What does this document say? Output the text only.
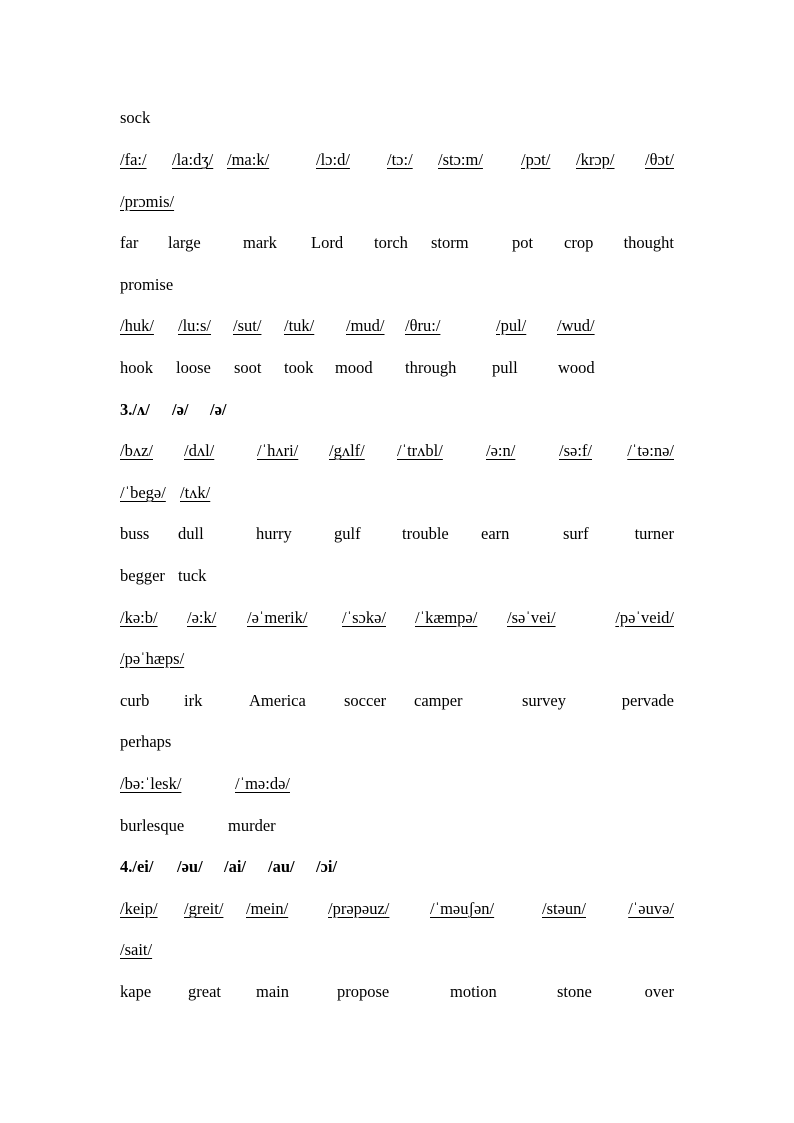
sock
/fa:/ /la:dʒ/ /ma:k/	/lɔ:d/ /tɔ:/ /stɔ:m/ /pɔt/ /krɔp/ /θɔt/
/prɔmis/
far large	mark Lord torch storm	pot crop thought
promise
/huk/ /lu:s/ /sut/ /tuk/ /mud/ /θru:/	/pul/ /wud/
hook loose soot took mood through pull wood
3./ʌ/ /ə/ /ə/
/bʌz/ /dʌl/	/ˈhʌri/ /gʌlf/ /ˈtrʌbl/	/ə:n/	/sə:f/ /ˈtə:nə/
/ˈbegə/ /tʌk/
buss dull	hurry	gulf	trouble earn	surf	turner
begger tuck
/kə:b/ /ə:k/ /əˈmerik/ /ˈsɔkə/ /ˈkæmpə/ /səˈvei/	/pəˈveid/
/pəˈhæps/
curb irk	America soccer camper	survey	pervade
perhaps
/bə:ˈlesk/	/ˈmə:də/
burlesque	murder
4./ei/ /əu/ /ai/ /au/ /ɔi/
/keip/ /greit/ /mein/ /prəpəuz/ /ˈməuʃən/	/stəun/	/ˈəuvə/
/sait/
kape great main	propose	motion	stone	over
